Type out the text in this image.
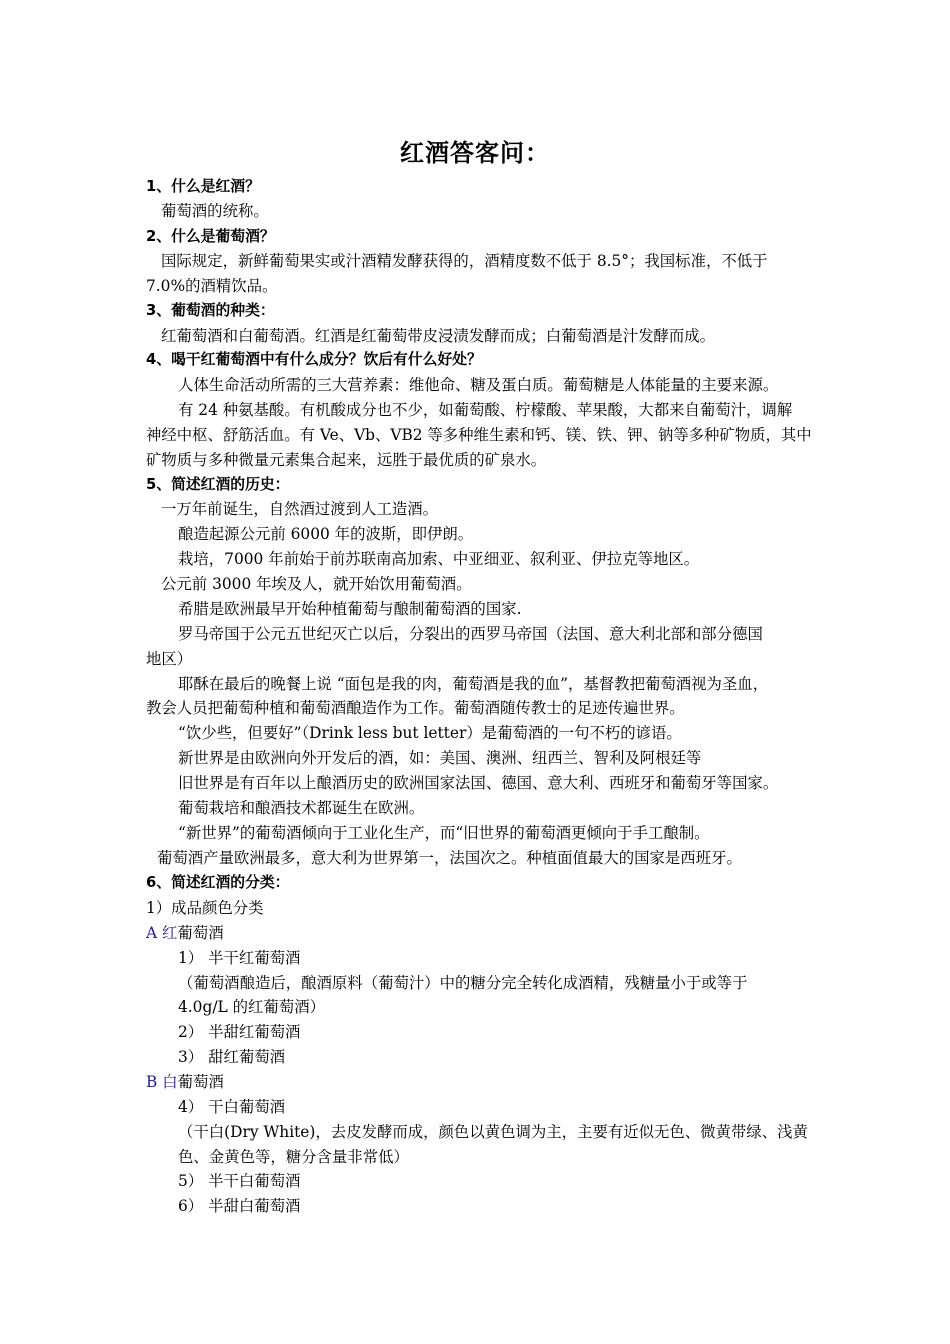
红酒答客问：
1、什么是红酒？
葡萄酒的统称。
2、什么是葡萄酒？
国际规定，新鲜葡萄果实或汁酒精发酵获得的，酒精度数不低于 8.5°；我国标准，不低于
7.0%的酒精饮品。
3、葡萄酒的种类：
红葡萄酒和白葡萄酒。红酒是红葡萄带皮浸渍发酵而成；白葡萄酒是汁发酵而成。
4、喝干红葡萄酒中有什么成分？饮后有什么好处？
人体生命活动所需的三大营养素：维他命、糖及蛋白质。葡萄糖是人体能量的主要来源。
有 24 种氨基酸。有机酸成分也不少，如葡萄酸、柠檬酸、苹果酸，大都来自葡萄汁，调解
神经中枢、舒筋活血。有 Ve、Vb、VB2 等多种维生素和钙、镁、铁、钾、钠等多种矿物质，其中
矿物质与多种微量元素集合起来，远胜于最优质的矿泉水。
5、简述红酒的历史：
一万年前诞生，自然酒过渡到人工造酒。
酿造起源公元前 6000 年的波斯，即伊朗。
栽培，7000 年前始于前苏联南高加索、中亚细亚、叙利亚、伊拉克等地区。
公元前 3000 年埃及人，就开始饮用葡萄酒。
希腊是欧洲最早开始种植葡萄与酿制葡萄酒的国家.
罗马帝国于公元五世纪灭亡以后，分裂出的西罗马帝国（法国、意大利北部和部分德国
地区）
耶酥在最后的晚餐上说 “面包是我的肉，葡萄酒是我的血”，基督教把葡萄酒视为圣血，
教会人员把葡萄种植和葡萄酒酿造作为工作。葡萄酒随传教士的足迹传遍世界。
“饮少些，但要好”（Drink less but letter）是葡萄酒的一句不朽的谚语。
新世界是由欧洲向外开发后的酒，如：美国、澳洲、纽西兰、智利及阿根廷等
旧世界是有百年以上酿酒历史的欧洲国家法国、德国、意大利、西班牙和葡萄牙等国家。
葡萄栽培和酿酒技术都诞生在欧洲。
“新世界”的葡萄酒倾向于工业化生产，而“旧世界的葡萄酒更倾向于手工酿制。
葡萄酒产量欧洲最多，意大利为世界第一，法国次之。种植面值最大的国家是西班牙。
6、简述红酒的分类：
1）成品颜色分类
A 红葡萄酒
1） 半干红葡萄酒
（葡萄酒酿造后，酿酒原料（葡萄汁）中的糖分完全转化成酒精，残糖量小于或等于
4.0g/L 的红葡萄酒）
2） 半甜红葡萄酒
3） 甜红葡萄酒
B 白葡萄酒
4） 干白葡萄酒
（干白(Dry White)，去皮发酵而成，颜色以黄色调为主，主要有近似无色、微黄带绿、浅黄
色、金黄色等，糖分含量非常低）
5） 半干白葡萄酒
6） 半甜白葡萄酒
